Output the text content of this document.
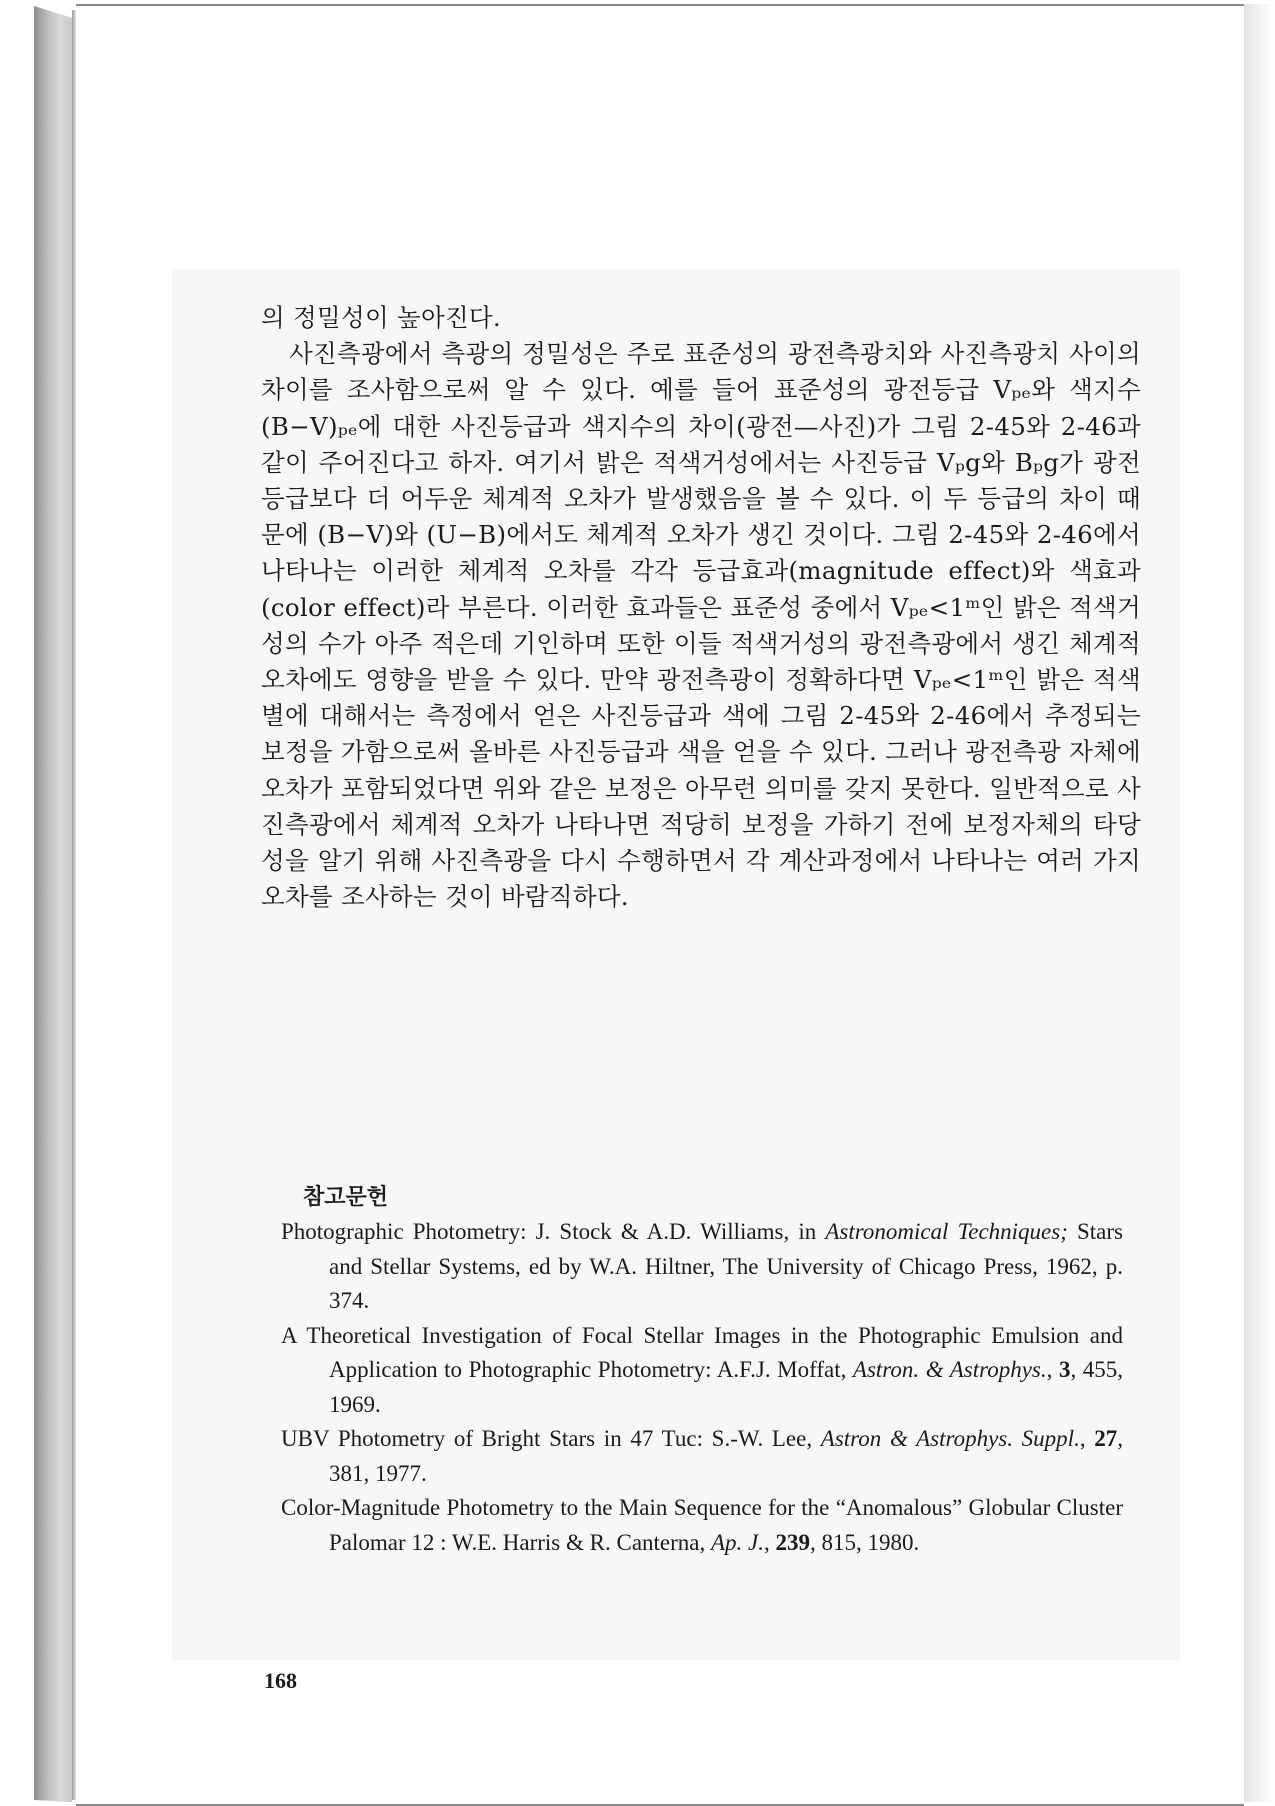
의 정밀성이 높아진다.

사진측광에서 측광의 정밀성은 주로 표준성의 광전측광치와 사진측광치 사이의 차이를 조사함으로써 알 수 있다. 예를 들어 표준성의 광전등급 Vₚₑ와 색지수 (B−V)ₚₑ에 대한 사진등급과 색지수의 차이(광전—사진)가 그림 2-45와 2-46과 같이 주어진다고 하자. 여기서 밝은 적색거성에서는 사진등급 Vₚg와 Bₚg가 광전등급보다 더 어두운 체계적 오차가 발생했음을 볼 수 있다. 이 두 등급의 차이 때문에 (B−V)와 (U−B)에서도 체계적 오차가 생긴 것이다. 그림 2-45와 2-46에서 나타나는 이러한 체계적 오차를 각각 등급효과(magnitude effect)와 색효과(color effect)라 부른다. 이러한 효과들은 표준성 중에서 Vₚₑ<1ᵐ인 밝은 적색거성의 수가 아주 적은데 기인하며 또한 이들 적색거성의 광전측광에서 생긴 체계적 오차에도 영향을 받을 수 있다. 만약 광전측광이 정확하다면 Vₚₑ<1ᵐ인 밝은 적색별에 대해서는 측정에서 얻은 사진등급과 색에 그림 2-45와 2-46에서 추정되는 보정을 가함으로써 올바른 사진등급과 색을 얻을 수 있다. 그러나 광전측광 자체에 오차가 포함되었다면 위와 같은 보정은 아무런 의미를 갖지 못한다. 일반적으로 사진측광에서 체계적 오차가 나타나면 적당히 보정을 가하기 전에 보정자체의 타당성을 알기 위해 사진측광을 다시 수행하면서 각 계산과정에서 나타나는 여러 가지 오차를 조사하는 것이 바람직하다.

참고문헌
Photographic Photometry: J. Stock & A.D. Williams, in Astronomical Techniques; Stars and Stellar Systems, ed by W.A. Hiltner, The University of Chicago Press, 1962, p. 374.
A Theoretical Investigation of Focal Stellar Images in the Photographic Emulsion and Application to Photographic Photometry: A.F.J. Moffat, Astron. & Astrophys., 3, 455, 1969.
UBV Photometry of Bright Stars in 47 Tuc: S.-W. Lee, Astron & Astrophys. Suppl., 27, 381, 1977.
Color-Magnitude Photometry to the Main Sequence for the “Anomalous” Globular Cluster Palomar 12 : W.E. Harris & R. Canterna, Ap. J., 239, 815, 1980.
168
